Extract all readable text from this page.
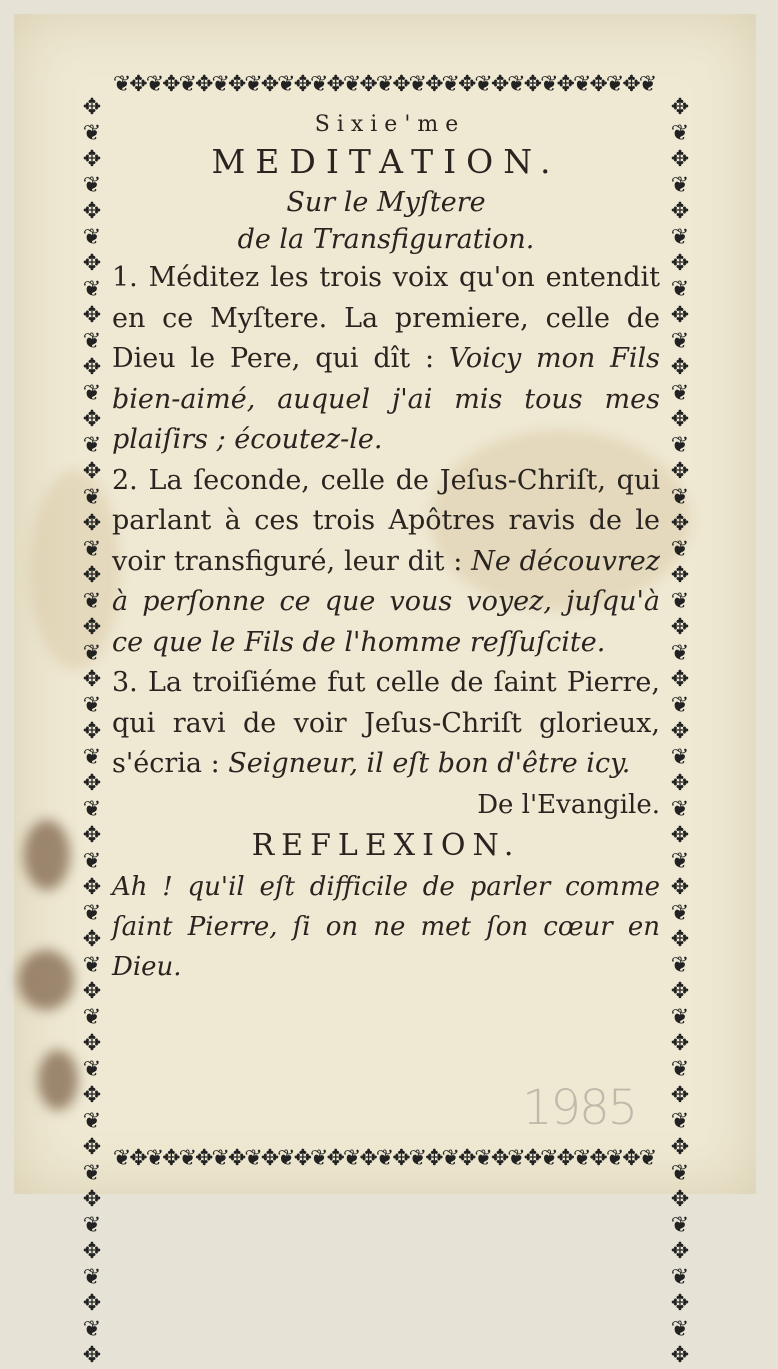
❦✥❦✥❦✥❦✥❦✥❦✥❦✥❦✥❦✥❦✥❦✥❦✥❦✥❦✥❦✥❦✥❦
❦✥❦✥❦✥❦✥❦✥❦✥❦✥❦✥❦✥❦✥❦✥❦✥❦✥❦✥❦✥❦✥❦
✥❦✥❦✥❦✥❦✥❦✥❦✥❦✥❦✥❦✥❦✥❦✥❦✥❦✥❦✥❦✥❦✥❦✥❦✥❦✥❦✥❦✥❦✥❦✥❦✥
✥❦✥❦✥❦✥❦✥❦✥❦✥❦✥❦✥❦✥❦✥❦✥❦✥❦✥❦✥❦✥❦✥❦✥❦✥❦✥❦✥❦✥❦✥❦✥❦✥
Sixie'me
MEDITATION.
Sur le Myſtere
de la Transfiguration.
1. Méditez les trois voix qu'on entendit en ce Myſtere. La premiere, celle de Dieu le Pere, qui dît : Voicy mon Fils bien-aimé, auquel j'ai mis tous mes plaiſirs ; écoutez-le.
2. La ſeconde, celle de Jeſus-Chriſt, qui parlant à ces trois Apôtres ravis de le voir transfiguré, leur dit : Ne découvrez à perſonne ce que vous voyez, juſqu'à ce que le Fils de l'homme reſſuſcite.
3. La troiſiéme fut celle de ſaint Pierre, qui ravi de voir Jeſus-Chriſt glorieux, s'écria : Seigneur, il eſt bon d'être icy.
De l'Evangile.
REFLEXION.
Ah ! qu'il eſt difficile de parler comme ſaint Pierre, ſi on ne met ſon cœur en Dieu.
1985
